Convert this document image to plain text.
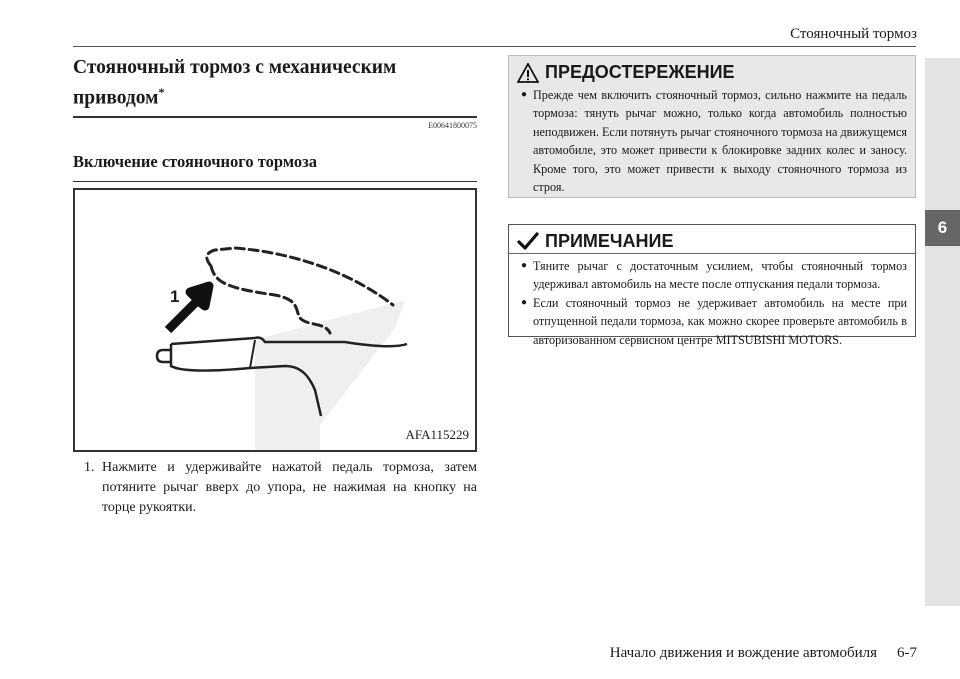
Стояночный тормоз
6
Стояночный тормоз с механическим приводом*
E00641800075
Включение стояночного тормоза
1
AFA115229
1. Нажмите и удерживайте нажатой педаль тормоза, затем потяните рычаг вверх до упора, не нажимая на кнопку на торце рукоятки.
ПРЕДОСТЕРЕЖЕНИЕ
● Прежде чем включить стояночный тормоз, сильно нажмите на педаль тормоза: тянуть рычаг можно, только когда автомобиль полностью неподвижен. Если потянуть рычаг стояночного тормоза на движущемся автомобиле, это может привести к блокировке задних колес и заносу. Кроме того, это может привести к выходу стояночного тормоза из строя.
ПРИМЕЧАНИЕ
● Тяните рычаг с достаточным усилием, чтобы стояночный тормоз удерживал автомобиль на месте после отпускания педали тормоза.
● Если стояночный тормоз не удерживает автомобиль на месте при отпущенной педали тормоза, как можно скорее проверьте автомобиль в авторизованном сервисном центре MITSUBISHI MOTORS.
Начало движения и вождение автомобиля 6-7
